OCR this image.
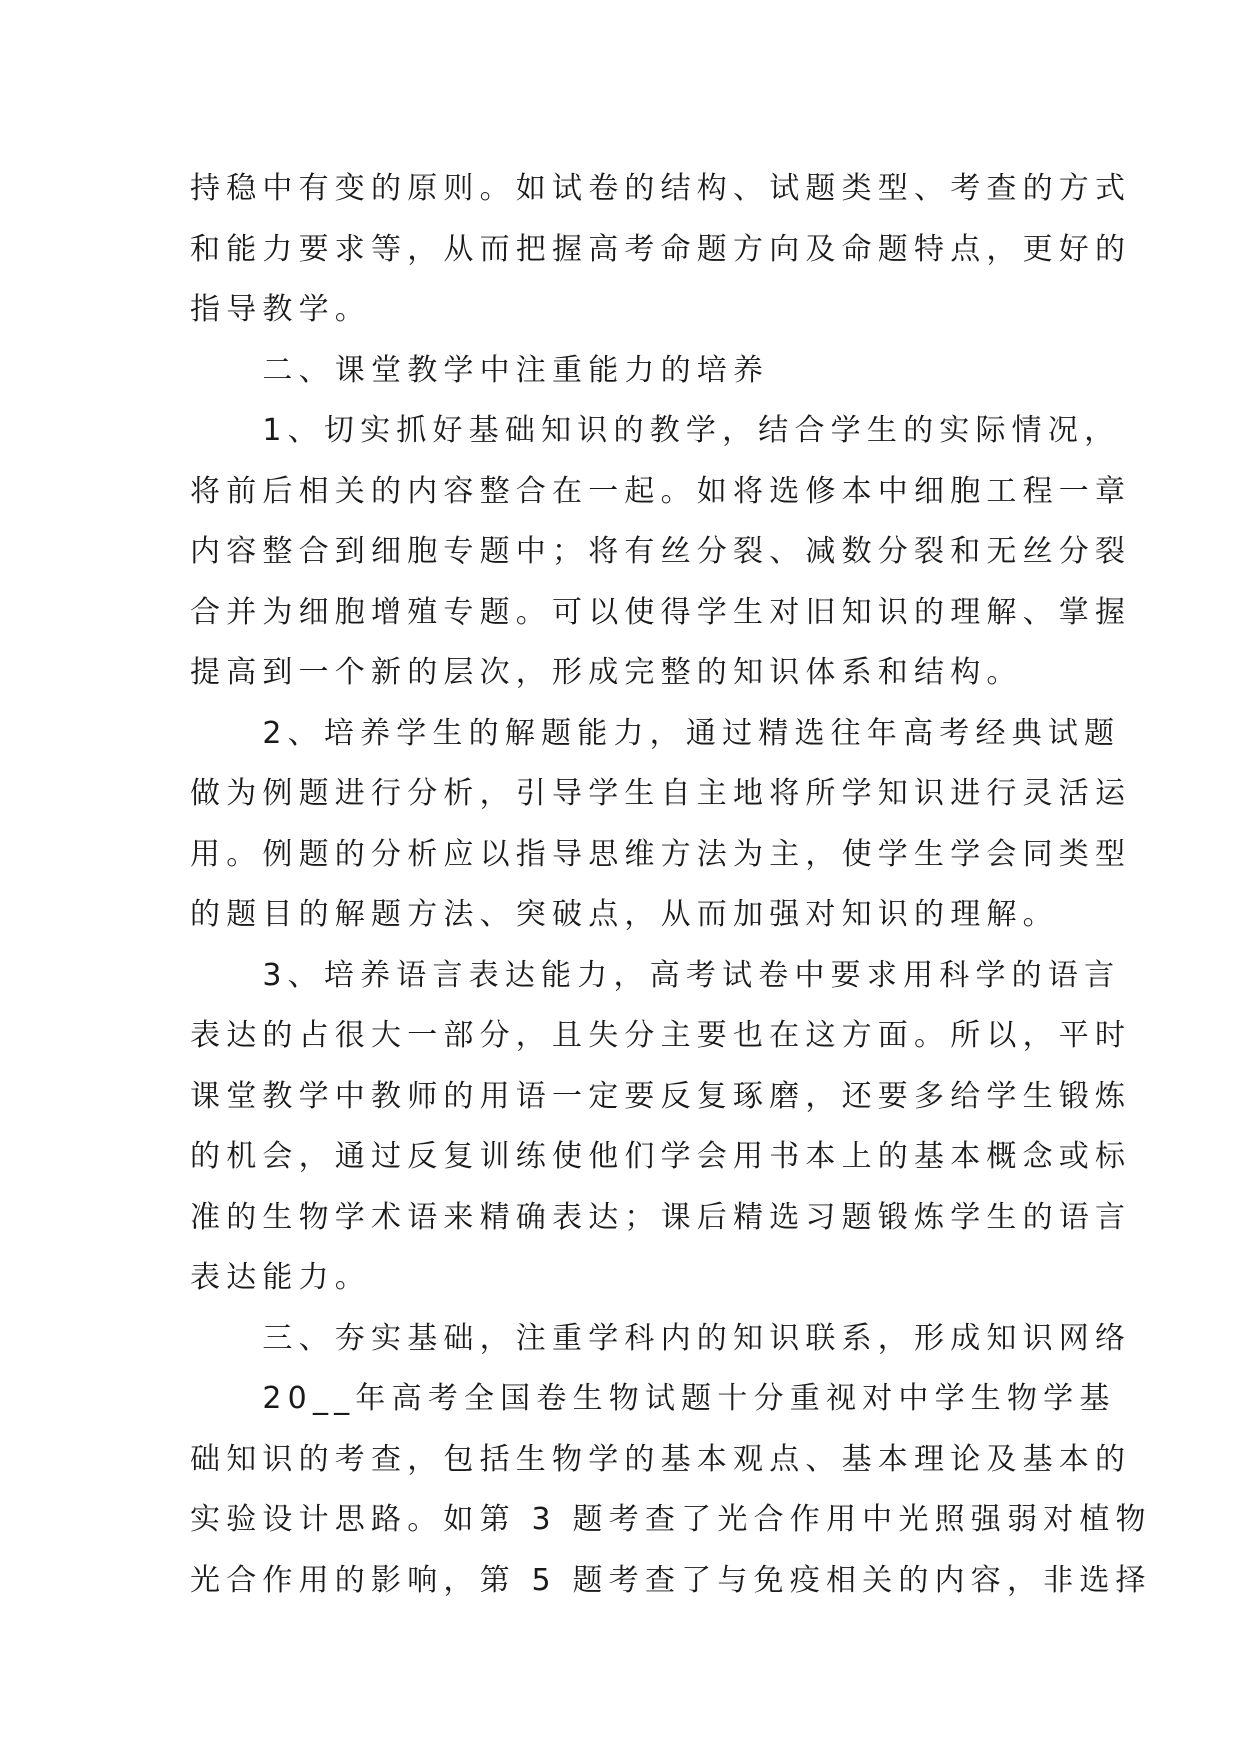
持稳中有变的原则。如试卷的结构、试题类型、考查的方式
和能力要求等，从而把握高考命题方向及命题特点，更好的
指导教学。
　　二、课堂教学中注重能力的培养
　　1、切实抓好基础知识的教学，结合学生的实际情况，
将前后相关的内容整合在一起。如将选修本中细胞工程一章
内容整合到细胞专题中；将有丝分裂、减数分裂和无丝分裂
合并为细胞增殖专题。可以使得学生对旧知识的理解、掌握
提高到一个新的层次，形成完整的知识体系和结构。
　　2、培养学生的解题能力，通过精选往年高考经典试题
做为例题进行分析，引导学生自主地将所学知识进行灵活运
用。例题的分析应以指导思维方法为主，使学生学会同类型
的题目的解题方法、突破点，从而加强对知识的理解。
　　3、培养语言表达能力，高考试卷中要求用科学的语言
表达的占很大一部分，且失分主要也在这方面。所以，平时
课堂教学中教师的用语一定要反复琢磨，还要多给学生锻炼
的机会，通过反复训练使他们学会用书本上的基本概念或标
准的生物学术语来精确表达；课后精选习题锻炼学生的语言
表达能力。
　　三、夯实基础，注重学科内的知识联系，形成知识网络
　　20__年高考全国卷生物试题十分重视对中学生物学基
础知识的考查，包括生物学的基本观点、基本理论及基本的
实验设计思路。如第 3 题考查了光合作用中光照强弱对植物
光合作用的影响，第 5 题考查了与免疫相关的内容，非选择
